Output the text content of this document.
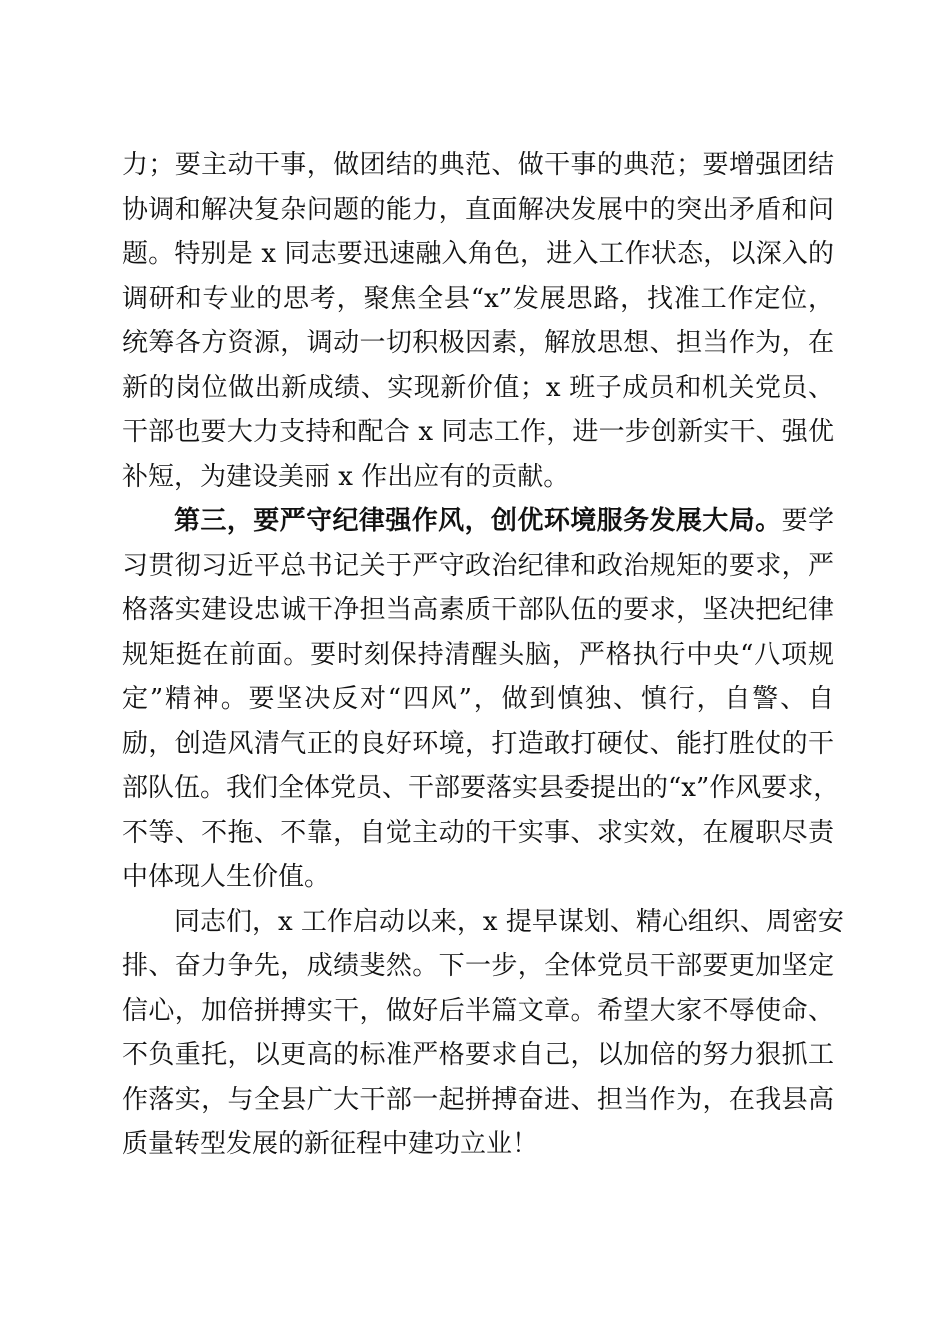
力；要主动干事，做团结的典范、做干事的典范；要增强团结
协调和解决复杂问题的能力，直面解决发展中的突出矛盾和问
题。特别是 x 同志要迅速融入角色，进入工作状态，以深入的
调研和专业的思考，聚焦全县“x”发展思路，找准工作定位，
统筹各方资源，调动一切积极因素，解放思想、担当作为，在
新的岗位做出新成绩、实现新价值；x 班子成员和机关党员、
干部也要大力支持和配合 x 同志工作，进一步创新实干、强优
补短，为建设美丽 x 作出应有的贡献。
第三，要严守纪律强作风，创优环境服务发展大局。要学
习贯彻习近平总书记关于严守政治纪律和政治规矩的要求，严
格落实建设忠诚干净担当高素质干部队伍的要求，坚决把纪律
规矩挺在前面。要时刻保持清醒头脑，严格执行中央“八项规
定”精神。要坚决反对“四风”，做到慎独、慎行，自警、自
励，创造风清气正的良好环境，打造敢打硬仗、能打胜仗的干
部队伍。我们全体党员、干部要落实县委提出的“x”作风要求，
不等、不拖、不靠，自觉主动的干实事、求实效，在履职尽责
中体现人生价值。
同志们，x 工作启动以来，x 提早谋划、精心组织、周密安
排、奋力争先，成绩斐然。下一步，全体党员干部要更加坚定
信心，加倍拼搏实干，做好后半篇文章。希望大家不辱使命、
不负重托，以更高的标准严格要求自己，以加倍的努力狠抓工
作落实，与全县广大干部一起拼搏奋进、担当作为，在我县高
质量转型发展的新征程中建功立业！
